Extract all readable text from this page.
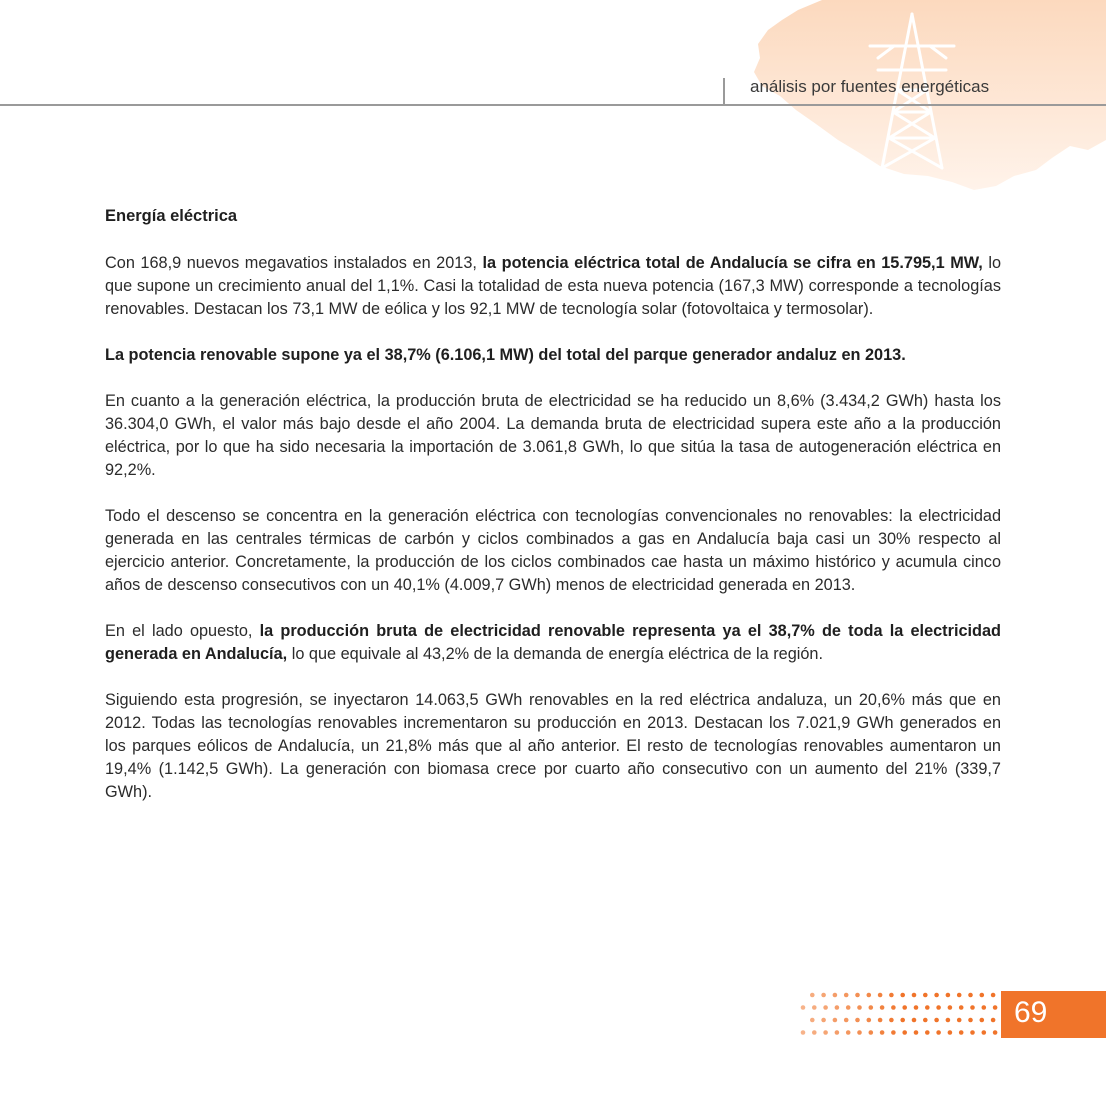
análisis por fuentes energéticas
Energía eléctrica

Con 168,9 nuevos megavatios instalados en 2013, la potencia eléctrica total de Andalucía se cifra en 15.795,1 MW, lo que supone un crecimiento anual del 1,1%. Casi la totalidad de esta nueva potencia (167,3 MW) corresponde a tecnologías renovables. Destacan los 73,1 MW de eólica y los 92,1 MW de tecnología solar (fotovoltaica y termosolar).

La potencia renovable supone ya el 38,7% (6.106,1 MW) del total del parque generador andaluz en 2013.

En cuanto a la generación eléctrica, la producción bruta de electricidad se ha reducido un 8,6% (3.434,2 GWh) hasta los 36.304,0 GWh, el valor más bajo desde el año 2004. La demanda bruta de electricidad supera este año a la producción eléctrica, por lo que ha sido necesaria la importación de 3.061,8 GWh, lo que sitúa la tasa de autogeneración eléctrica en 92,2%.

Todo el descenso se concentra en la generación eléctrica con tecnologías convencionales no renovables: la electricidad generada en las centrales térmicas de carbón y ciclos combinados a gas en Andalucía baja casi un 30% respecto al ejercicio anterior. Concretamente, la producción de los ciclos combinados cae hasta un máximo histórico y acumula cinco años de descenso consecutivos con un 40,1% (4.009,7 GWh) menos de electricidad generada en 2013.

En el lado opuesto, la producción bruta de electricidad renovable representa ya el 38,7% de toda la electricidad generada en Andalucía, lo que equivale al 43,2% de la demanda de energía eléctrica de la región.

Siguiendo esta progresión, se inyectaron 14.063,5 GWh renovables en la red eléctrica andaluza, un 20,6% más que en 2012. Todas las tecnologías renovables incrementaron su producción en 2013. Destacan los 7.021,9 GWh generados en los parques eólicos de Andalucía, un 21,8% más que al año anterior. El resto de tecnologías renovables aumentaron un 19,4% (1.142,5 GWh). La generación con biomasa crece por cuarto año consecutivo con un aumento del 21% (339,7 GWh).

69
